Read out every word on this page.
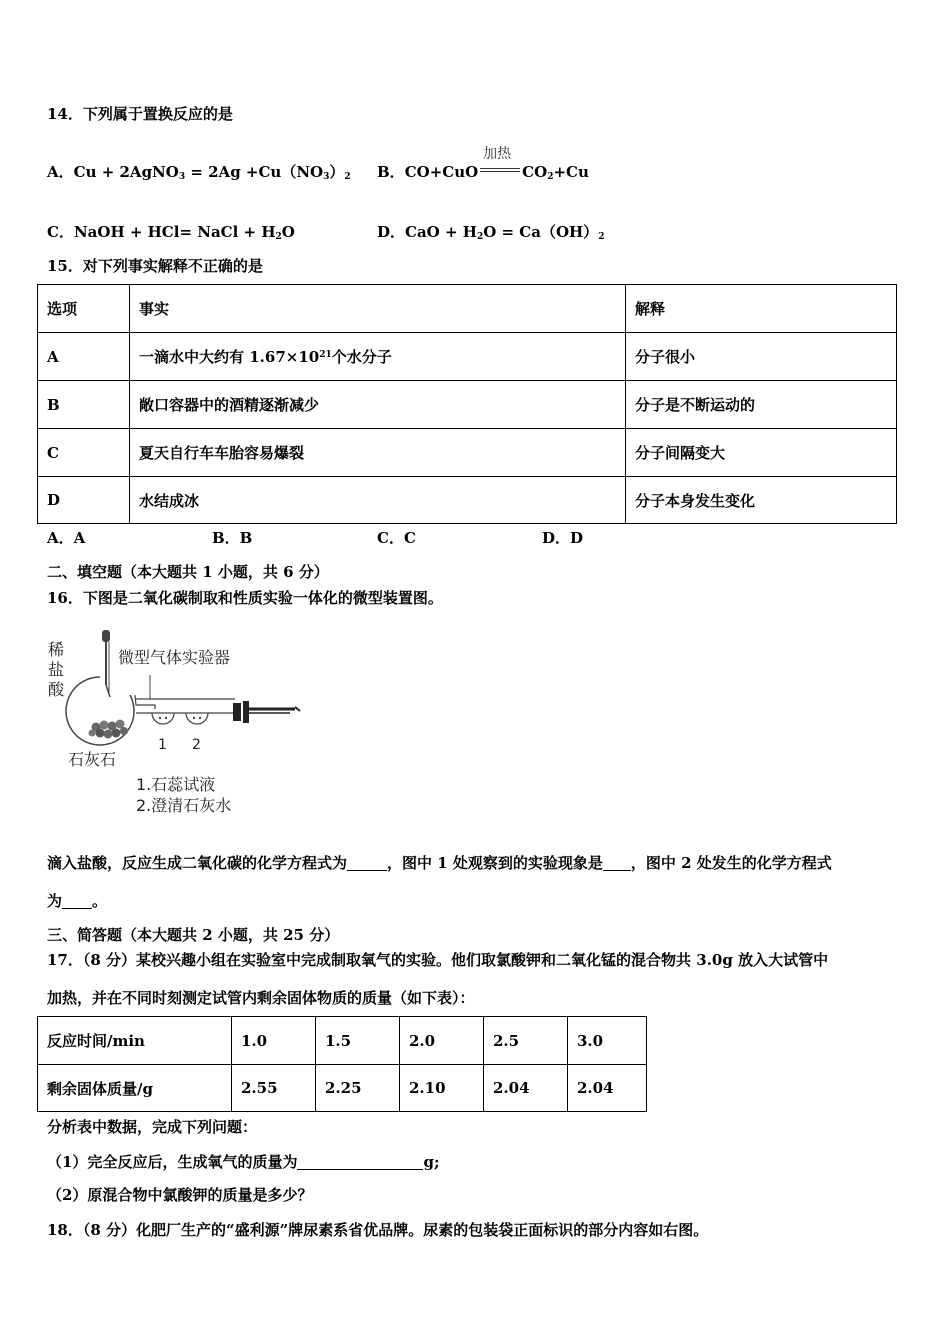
14．下列属于置换反应的是
A．Cu + 2AgNO$_3$ = $2Ag +Cu(NO_3)_2$ B．CO+CuO
加热
$CO_2+Cu$
C．NaOH + HCl= NaCl + $H_2O$	D．CaO + $H_2O = Ca(OH)_2$
15．对下列事实解释不正确的是
选项	事实	解释
A	一滴水中大约有 $1.67\times 10^{21}$个水分子	分子很小
B	敞口容器中的酒精逐渐减少	分子是不断运动的
C	夏天自行车车胎容易爆裂	分子间隔变大
D	水结成冰	分子本身发生变化
A．A	B．B	C．C	D．D
二、填空题（本大题共 1 小题，共 6 分）
16．下图是二氧化碳制取和性质实验一体化的微型装置图。
稀
盐
酸
微型气体实验器
石灰石
1 2
1.石蕊试液
2.澄清石灰水
滴入盐酸，反应生成二氧化碳的化学方程式为	，图中 1 处观察到的实验现象是 ，图中 2 处发生的化学方程式
为 。
三、简答题（本大题共 2 小题，共 25 分）
17．（8 分）某校兴趣小组在实验室中完成制取氧气的实验。他们取氯酸钾和二氧化锰的混合物共 3.0g 放入大试管中
加热，并在不同时刻测定试管内剩余固体物质的质量（如下表）：
反应时间/min	1.0	1.5	2.0	2.5	3.0
剩余固体质量/g	2.55	2.25	2.10	2.04	2.04
分析表中数据，完成下列问题：
（1）完全反应后，生成氧气的质量为	g;
（2）原混合物中氯酸钾的质量是多少？
18．（8 分）化肥厂生产的“盛利源”牌尿素系省优品牌。尿素的包装袋正面标识的部分内容如右图。
